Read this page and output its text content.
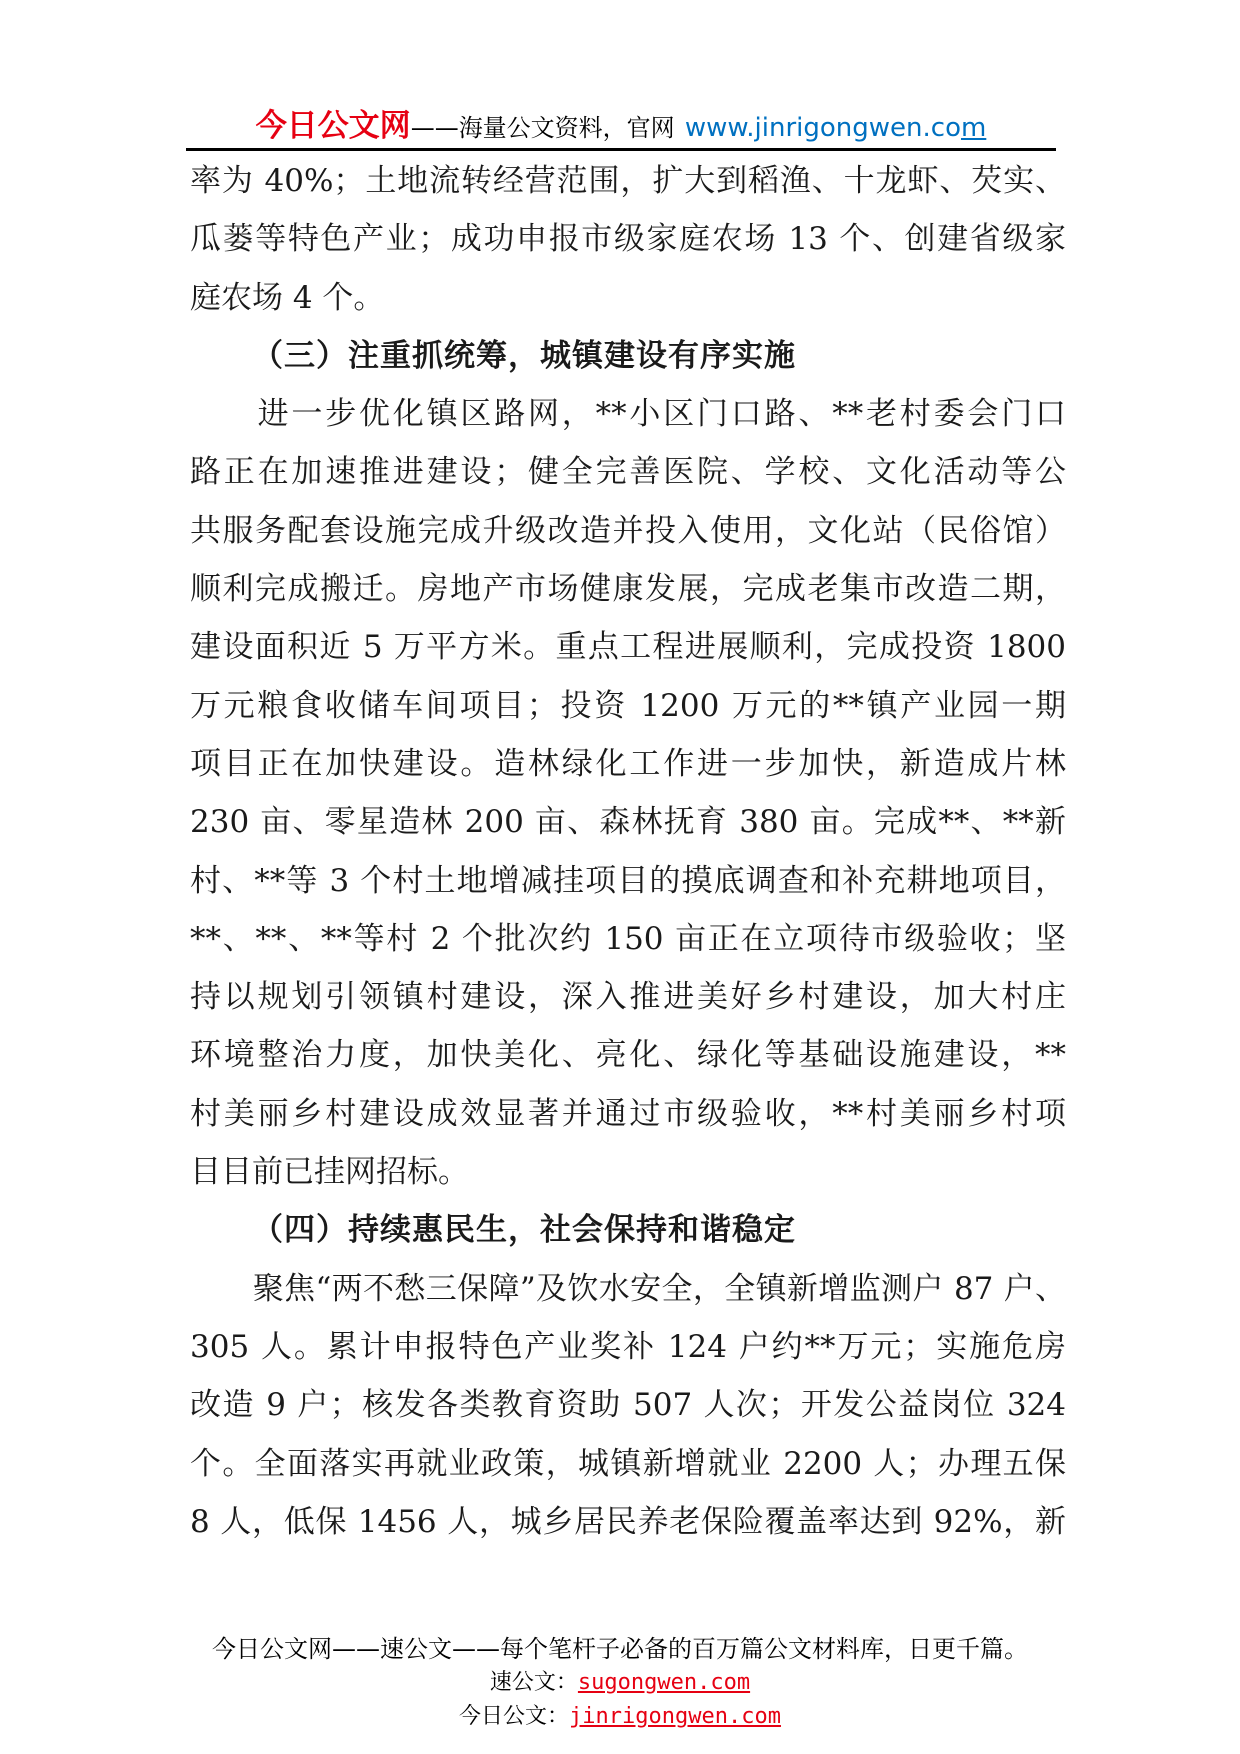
今日公文网——海量公文资料，官网 www.jinrigongwen.com
率为 40%；土地流转经营范围，扩大到稻渔、十龙虾、芡实、
瓜蒌等特色产业；成功申报市级家庭农场 13 个、创建省级家
庭农场 4 个。
（三）注重抓统筹，城镇建设有序实施
　　进一步优化镇区路网，**小区门口路、**老村委会门口
路正在加速推进建设；健全完善医院、学校、文化活动等公
共服务配套设施完成升级改造并投入使用，文化站（民俗馆）
顺利完成搬迁。房地产市场健康发展，完成老集市改造二期，
建设面积近 5 万平方米。重点工程进展顺利，完成投资 1800
万元粮食收储车间项目；投资 1200 万元的**镇产业园一期
项目正在加快建设。造林绿化工作进一步加快，新造成片林
230 亩、零星造林 200 亩、森林抚育 380 亩。完成**、**新
村、**等 3 个村土地增减挂项目的摸底调查和补充耕地项目，
**、**、**等村 2 个批次约 150 亩正在立项待市级验收；坚
持以规划引领镇村建设，深入推进美好乡村建设，加大村庄
环境整治力度，加快美化、亮化、绿化等基础设施建设，**
村美丽乡村建设成效显著并通过市级验收，**村美丽乡村项
目目前已挂网招标。
（四）持续惠民生，社会保持和谐稳定
　　聚焦“两不愁三保障”及饮水安全，全镇新增监测户 87 户、
305 人。累计申报特色产业奖补 124 户约**万元；实施危房
改造 9 户；核发各类教育资助 507 人次；开发公益岗位 324
个。全面落实再就业政策，城镇新增就业 2200 人；办理五保
8 人，低保 1456 人，城乡居民养老保险覆盖率达到 92%，新
今日公文网——速公文——每个笔杆子必备的百万篇公文材料库，日更千篇。
速公文：sugongwen.com
今日公文：jinrigongwen.com
